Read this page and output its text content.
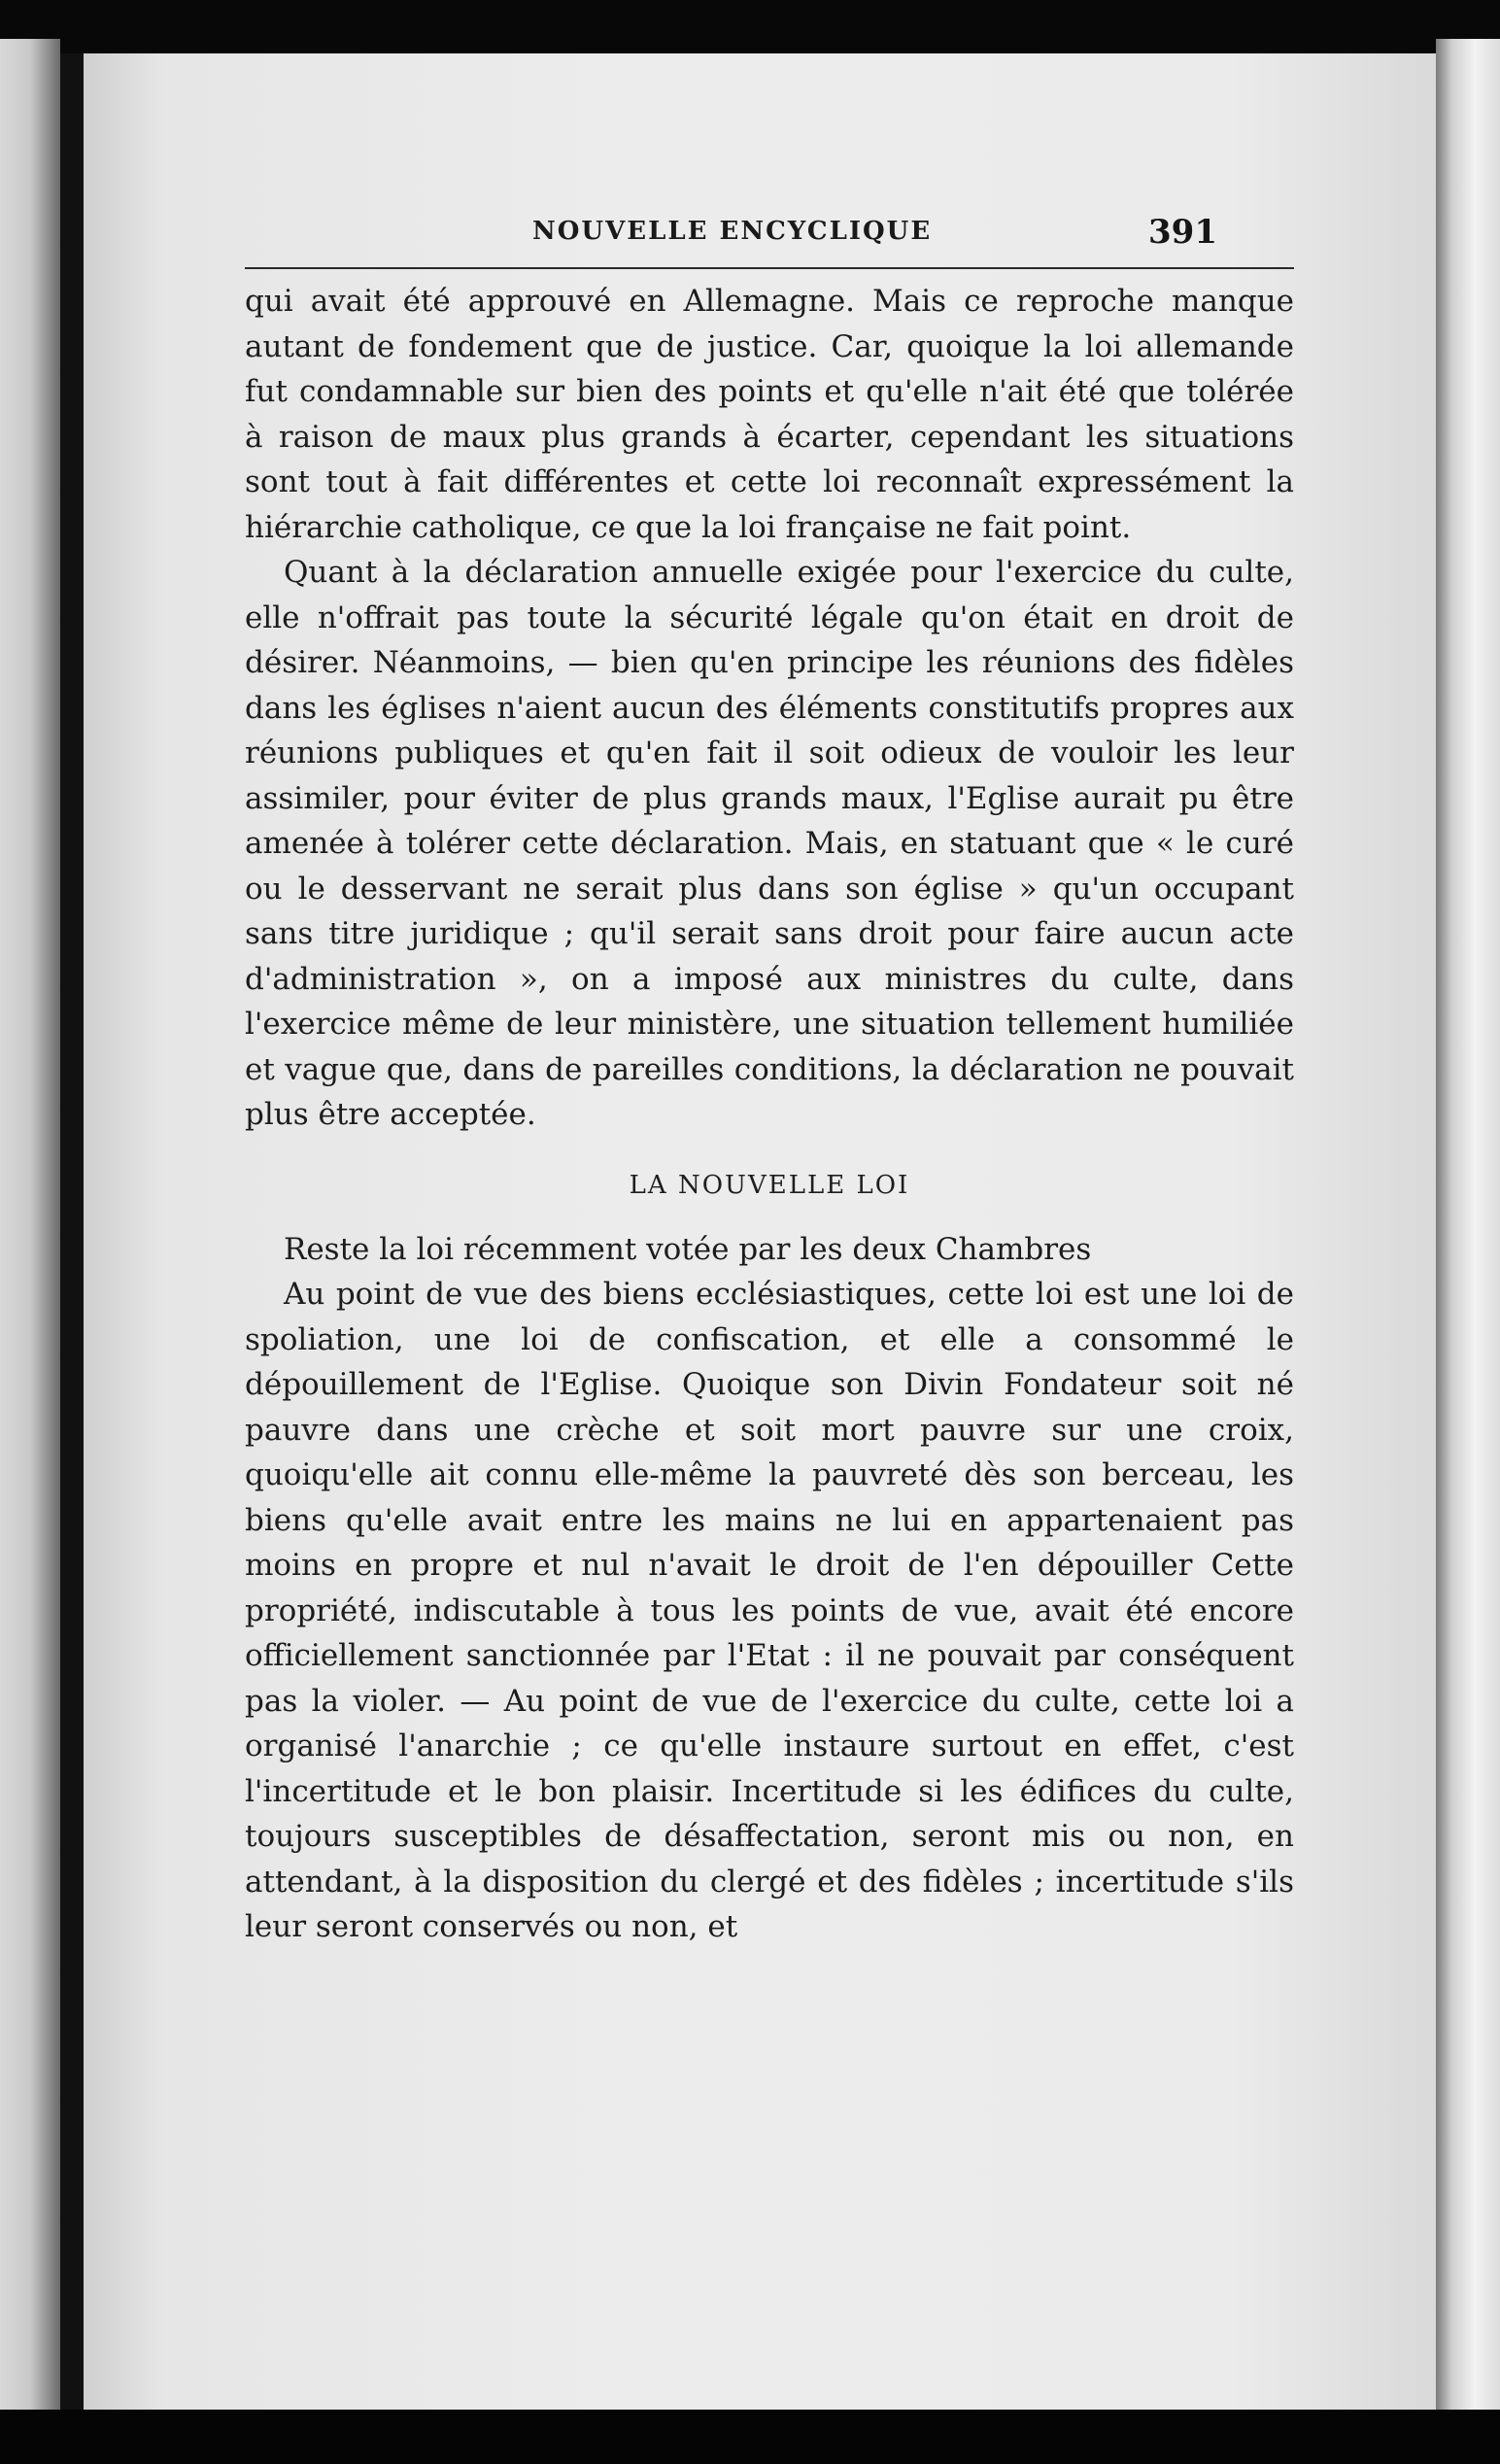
NOUVELLE ENCYCLIQUE	391

qui avait été approuvé en Allemagne. Mais ce reproche manque autant de fondement que de justice. Car, quoique la loi allemande fut condamnable sur bien des points et qu'elle n'ait été que tolérée à raison de maux plus grands à écarter, cependant les situations sont tout à fait différentes et cette loi reconnaît expressément la hiérarchie catholique, ce que la loi française ne fait point.

Quant à la déclaration annuelle exigée pour l'exercice du culte, elle n'offrait pas toute la sécurité légale qu'on était en droit de désirer. Néanmoins, — bien qu'en principe les réunions des fidèles dans les églises n'aient aucun des éléments constitutifs propres aux réunions publiques et qu'en fait il soit odieux de vouloir les leur assimiler, pour éviter de plus grands maux, l'Eglise aurait pu être amenée à tolérer cette déclaration. Mais, en statuant que « le curé ou le desservant ne serait plus dans son église » qu'un occupant sans titre juridique ; qu'il serait sans droit pour faire aucun acte d'administration », on a imposé aux ministres du culte, dans l'exercice même de leur ministère, une situation tellement humiliée et vague que, dans de pareilles conditions, la déclaration ne pouvait plus être acceptée.

LA NOUVELLE LOI

Reste la loi récemment votée par les deux Chambres

Au point de vue des biens ecclésiastiques, cette loi est une loi de spoliation, une loi de confiscation, et elle a consommé le dépouillement de l'Eglise. Quoique son Divin Fondateur soit né pauvre dans une crèche et soit mort pauvre sur une croix, quoiqu'elle ait connu elle-même la pauvreté dès son berceau, les biens qu'elle avait entre les mains ne lui en appartenaient pas moins en propre et nul n'avait le droit de l'en dépouiller Cette propriété, indiscutable à tous les points de vue, avait été encore officiellement sanctionnée par l'Etat : il ne pouvait par conséquent pas la violer. — Au point de vue de l'exercice du culte, cette loi a organisé l'anarchie ; ce qu'elle instaure surtout en effet, c'est l'incertitude et le bon plaisir. Incertitude si les édifices du culte, toujours susceptibles de désaffectation, seront mis ou non, en attendant, à la disposition du clergé et des fidèles ; incertitude s'ils leur seront conservés ou non, et
